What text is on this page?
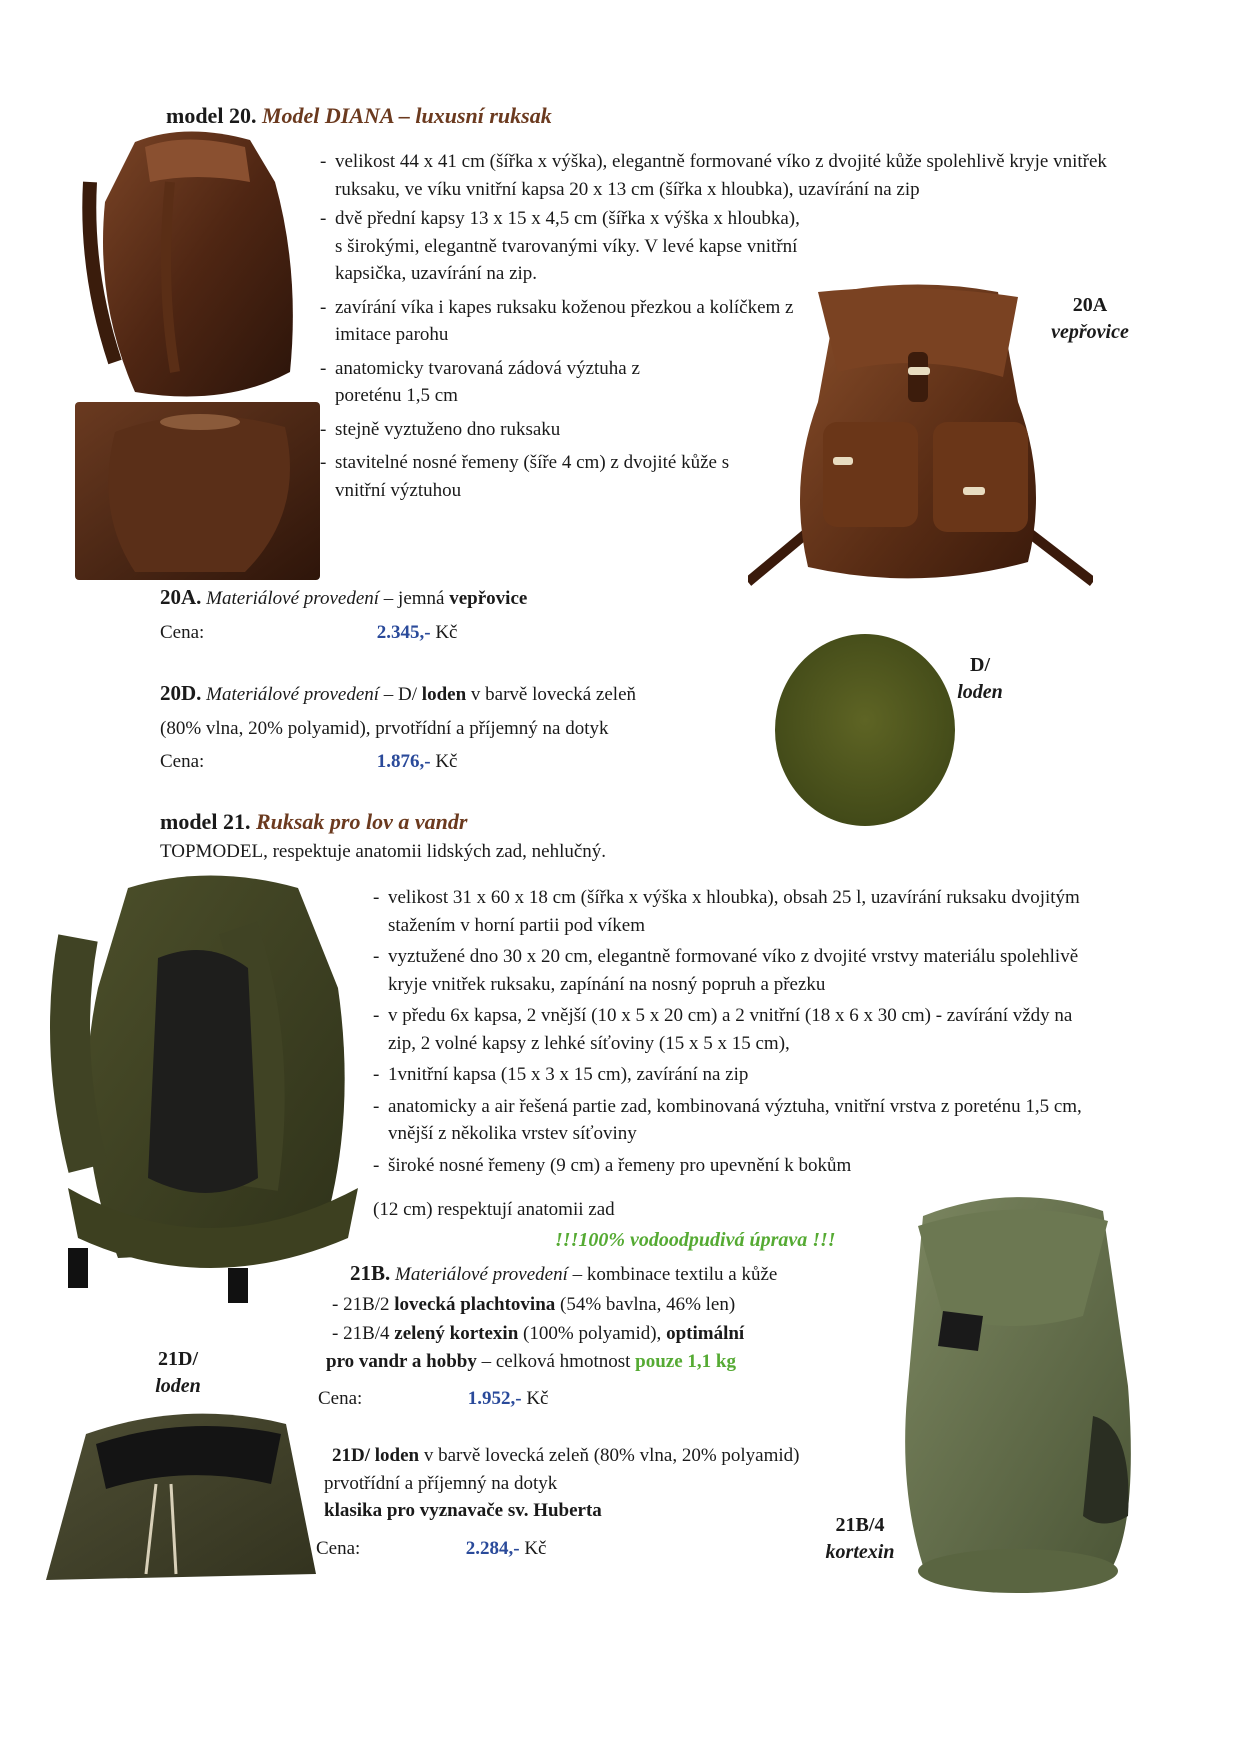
model 20. Model DIANA – luxusní ruksak
- velikost 44 x 41 cm (šířka x výška), elegantně formované víko z dvojité kůže spolehlivě kryje vnitřek ruksaku, ve víku vnitřní kapsa 20 x 13 cm (šířka x hloubka), uzavírání na zip
- dvě přední kapsy 13 x 15 x 4,5 cm (šířka x výška x hloubka), s širokými, elegantně tvarovanými víky. V levé kapse vnitřní kapsička, uzavírání na zip.
- zavírání víka i kapes ruksaku koženou přezkou a kolíčkem z imitace parohu
- anatomicky tvarovaná zádová výztuha z poreténu 1,5 cm
- stejně vyztuženo dno ruksaku
- stavitelné nosné řemeny (šíře 4 cm) z dvojité kůže s vnitřní výztuhou
20A
vepřovice
20A. Materiálové provedení – jemná vepřovice
Cena:	2.345,- Kč
20D. Materiálové provedení – D/ loden v barvě lovecká zeleň
(80% vlna, 20% polyamid), prvotřídní a příjemný na dotyk
Cena:	1.876,- Kč
D/
loden
model 21. Ruksak pro lov a vandr
TOPMODEL, respektuje anatomii lidských zad, nehlučný.
- velikost 31 x 60 x 18 cm (šířka x výška x hloubka), obsah 25 l, uzavírání ruksaku dvojitým stažením v horní partii pod víkem
- vyztužené dno 30 x 20 cm, elegantně formované víko z dvojité vrstvy materiálu spolehlivě kryje vnitřek ruksaku, zapínání na nosný popruh a přezku
- v předu 6x kapsa, 2 vnější (10 x 5 x 20 cm) a 2 vnitřní (18 x 6 x 30 cm) - zavírání vždy na zip, 2 volné kapsy z lehké síťoviny (15 x 5 x 15 cm),
- 1vnitřní kapsa (15 x 3 x 15 cm), zavírání na zip
- anatomicky a air řešená partie zad, kombinovaná výztuha, vnitřní vrstva z poreténu 1,5 cm, vnější z několika vrstev síťoviny
- široké nosné řemeny (9 cm) a řemeny pro upevnění k bokům
(12 cm) respektují anatomii zad
!!!100% vodoodpudivá úprava !!!
21B. Materiálové provedení – kombinace textilu a kůže
- 21B/2 lovecká plachtovina (54% bavlna, 46% len)
- 21B/4 zelený kortexin (100% polyamid), optimální
pro vandr a hobby – celková hmotnost pouze 1,1 kg
Cena:	1.952,- Kč
21D/
loden
21D/ loden v barvě lovecká zeleň (80% vlna, 20% polyamid)
prvotřídní a příjemný na dotyk
klasika pro vyznavače sv. Huberta
Cena:	2.284,- Kč
21B/4
kortexin
